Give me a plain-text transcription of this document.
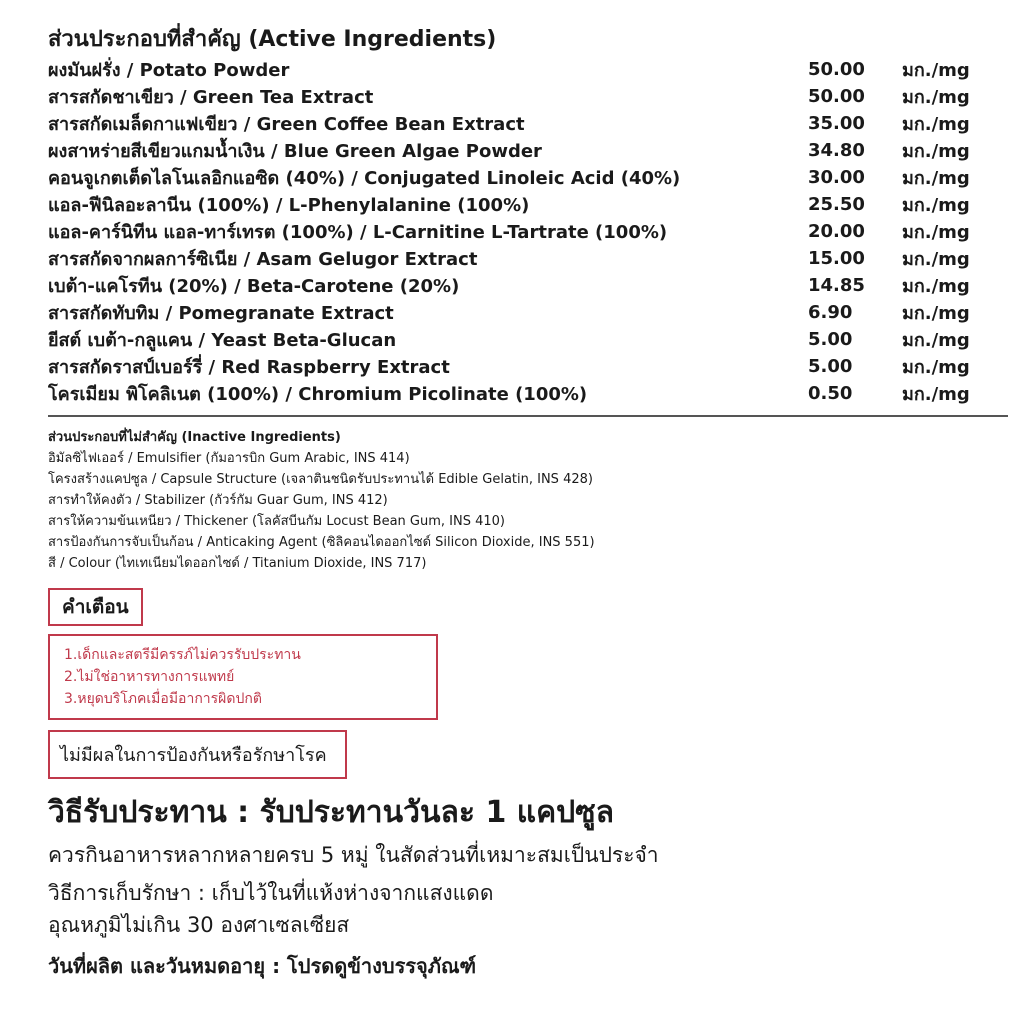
ส่วนประกอบที่สำคัญ (Active Ingredients)
ผงมันฝรั่ง / Potato Powder	50.00	มก./mg
สารสกัดชาเขียว / Green Tea Extract	50.00	มก./mg
สารสกัดเมล็ดกาแฟเขียว / Green Coffee Bean Extract	35.00	มก./mg
ผงสาหร่ายสีเขียวแกมน้ำเงิน / Blue Green Algae Powder	34.80	มก./mg
คอนจูเกตเต็ดไลโนเลอิกแอซิด (40%) / Conjugated Linoleic Acid (40%)	30.00	มก./mg
แอล-ฟีนิลอะลานีน (100%) / L-Phenylalanine (100%)	25.50	มก./mg
แอล-คาร์นิทีน แอล-ทาร์เทรต (100%) / L-Carnitine L-Tartrate (100%)	20.00	มก./mg
สารสกัดจากผลการ์ซิเนีย / Asam Gelugor Extract	15.00	มก./mg
เบต้า-แคโรทีน (20%) / Beta-Carotene (20%)	14.85	มก./mg
สารสกัดทับทิม / Pomegranate Extract	6.90	มก./mg
ยีสต์ เบต้า-กลูแคน / Yeast Beta-Glucan	5.00	มก./mg
สารสกัดราสป์เบอร์รี่ / Red Raspberry Extract	5.00	มก./mg
โครเมียม พิโคลิเนต (100%) / Chromium Picolinate (100%)	0.50	มก./mg
ส่วนประกอบที่ไม่สำคัญ (Inactive Ingredients)
อิมัลซิไฟเออร์ / Emulsifier (กัมอารบิก Gum Arabic, INS 414)
โครงสร้างแคปซูล / Capsule Structure (เจลาตินชนิดรับประทานได้ Edible Gelatin, INS 428)
สารทำให้คงตัว / Stabilizer (กัวร์กัม Guar Gum, INS 412)
สารให้ความข้นเหนียว / Thickener (โลคัสบีนกัม Locust Bean Gum, INS 410)
สารป้องกันการจับเป็นก้อน / Anticaking Agent (ซิลิคอนไดออกไซด์ Silicon Dioxide, INS 551)
สี / Colour (ไทเทเนียมไดออกไซด์ / Titanium Dioxide, INS 717)
คำเตือน
1.เด็กและสตรีมีครรภ์ไม่ควรรับประทาน
2.ไม่ใช่อาหารทางการแพทย์
3.หยุดบริโภคเมื่อมีอาการผิดปกติ
ไม่มีผลในการป้องกันหรือรักษาโรค
วิธีรับประทาน : รับประทานวันละ 1 แคปซูล
ควรกินอาหารหลากหลายครบ 5 หมู่ ในสัดส่วนที่เหมาะสมเป็นประจำ
วิธีการเก็บรักษา : เก็บไว้ในที่แห้งห่างจากแสงแดด
อุณหภูมิไม่เกิน 30 องศาเซลเซียส
วันที่ผลิต และวันหมดอายุ : โปรดดูข้างบรรจุภัณฑ์
